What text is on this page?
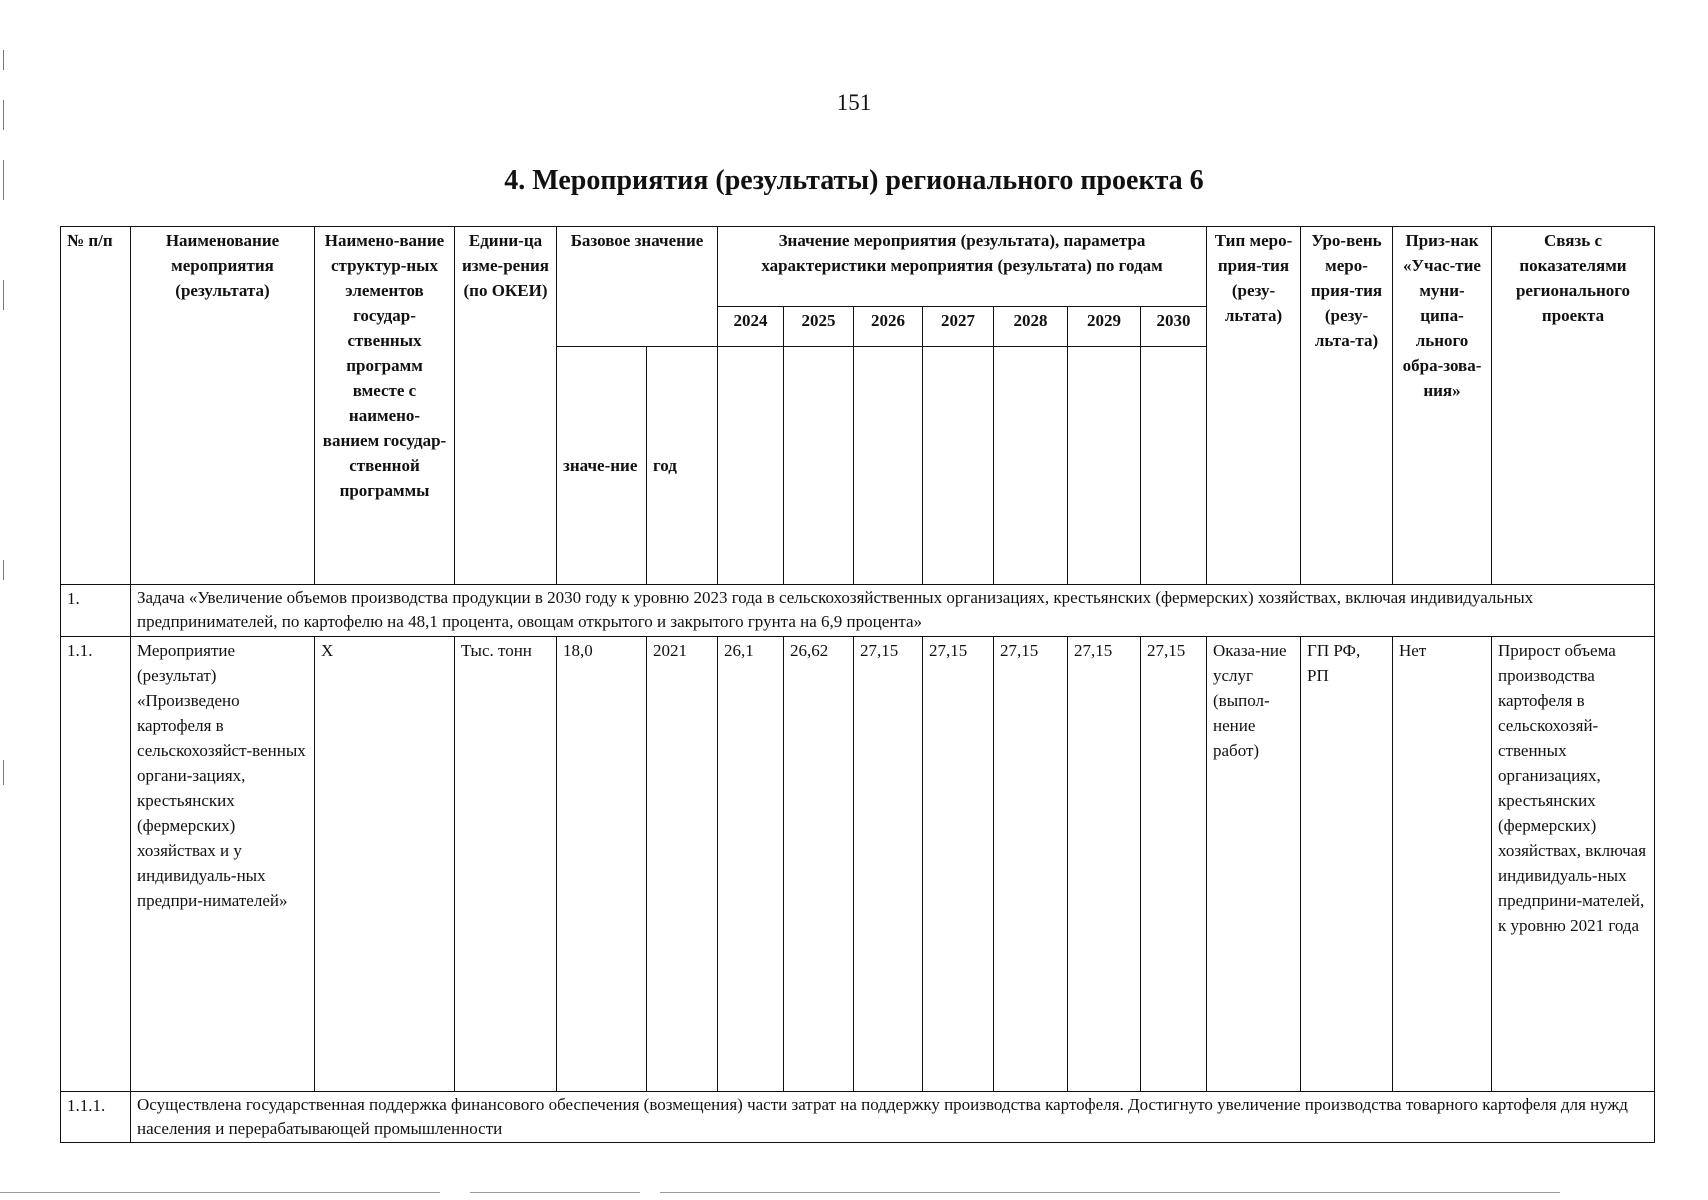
151
4. Мероприятия (результаты) регионального проекта 6
№ п/п	Наименование мероприятия (результата)	Наимено-вание структур-ных элементов государ-ственных программ вместе с наимено-ванием государ-ственной программы	Едини-ца изме-рения (по ОКЕИ)	Базовое значение		Значение мероприятия (результата), параметра характеристики мероприятия (результата) по годам							Тип меро-прия-тия (резу-льтата)	Уро-вень меро-прия-тия (резу-льта-та)	Приз-нак «Учас-тие муни-ципа-льного обра-зова-ния»	Связь с показателями регионального проекта
						2024	2025	2026	2027	2028	2029	2030				
				значе-ние	год											
1.	Задача «Увеличение объемов производства продукции в 2030 году к уровню 2023 года в сельскохозяйственных организациях, крестьянских (фермерских) хозяйствах, включая индивидуальных предпринимателей, по картофелю на 48,1 процента, овощам открытого и закрытого грунта на 6,9 процента»															
1.1.	Мероприятие (результат) «Произведено картофеля в сельскохозяйст-венных органи-зациях, крестьянских (фермерских) хозяйствах и у индивидуаль-ных предпри-нимателей»	Х	Тыс. тонн	18,0	2021	26,1	26,62	27,15	27,15	27,15	27,15	27,15	Оказа-ние услуг (выпол-нение работ)	ГП РФ, РП	Нет	Прирост объема производства картофеля в сельскохозяй-ственных организациях, крестьянских (фермерских) хозяйствах, включая индивидуаль-ных предприни-мателей, к уровню 2021 года
1.1.1.	Осуществлена государственная поддержка финансового обеспечения (возмещения) части затрат на поддержку производства картофеля. Достигнуто увеличение производства товарного картофеля для нужд населения и перерабатывающей промышленности															
